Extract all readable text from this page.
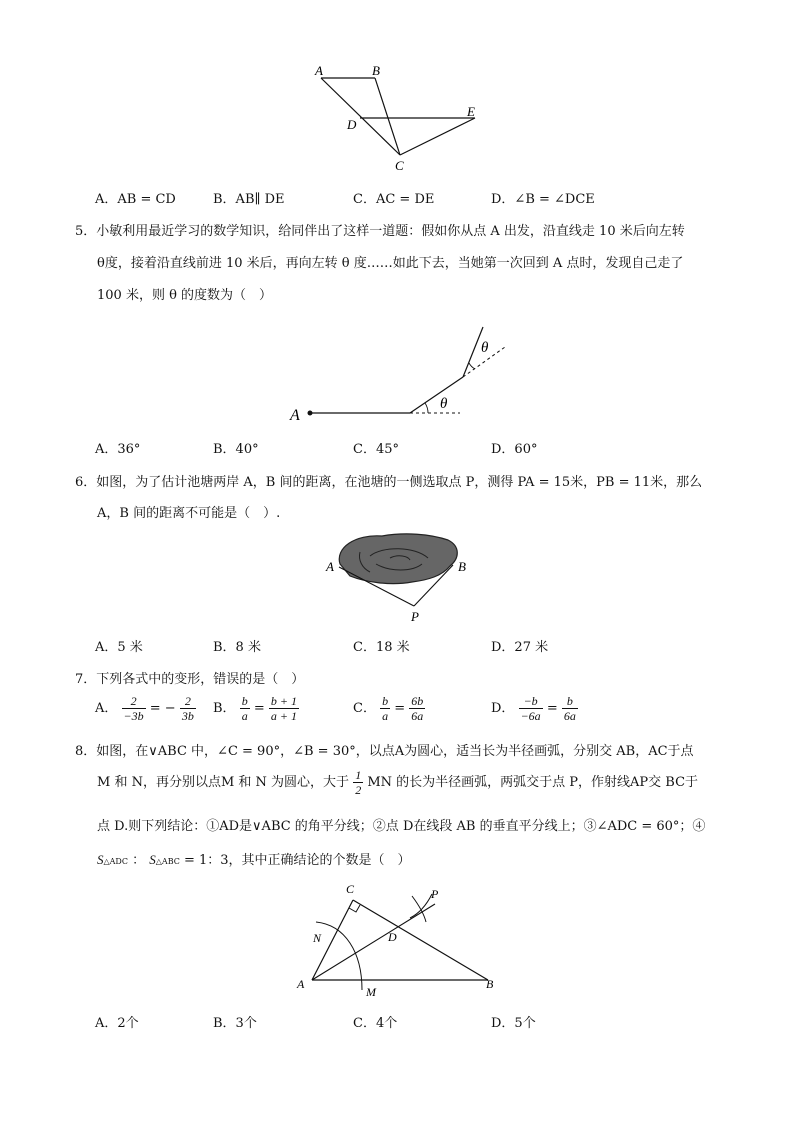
A	B
D
E
C
A．AB = CD	B．AB∥ DE	C．AC = DE	D．∠B = ∠DCE
5．小敏利用最近学习的数学知识，给同伴出了这样一道题：假如你从点 A 出发，沿直线走 10 米后向左转
θ度，接着沿直线前进 10 米后，再向左转 θ 度……如此下去，当她第一次回到 A 点时，发现自己走了
100 米，则 θ 的度数为（　）
A
θ
θ
A．36°	B．40°	C．45°	D．60°
6．如图，为了估计池塘两岸 A，B 间的距离，在池塘的一侧选取点 P，测得 PA = 15米，PB = 11米，那么
A，B 间的距离不可能是（　）.
A	B
P
A．5 米	B．8 米	C．18 米	D．27 米
7．下列各式中的变形，错误的是（　）
A． $\frac{2}{-3b}$ = − $\frac{2}{3b}$ B． $\frac{b}{a} = \frac{b + 1}{a + 1}$	C． $\frac{b}{a} = \frac{6b}{6a}$	D． $\frac{-b}{-6a} = \frac{b}{6a}$
8．如图，在∨ABC 中，∠C = 90°，∠B = 30°，以点A为圆心，适当长为半径画弧，分别交 AB，AC于点
M 和 N，再分别以点M 和 N 为圆心，大于 $\frac{1}{2}$ MN 的长为半径画弧，两弧交于点 P，作射线AP交 BC于
点 D.则下列结论：①AD是∨ABC 的角平分线；②点 D在线段 AB 的垂直平分线上；③∠ADC = 60°；④
S△ADC ： S△ABC = 1：3，其中正确结论的个数是（　）
C	P
N	D
A
M
B
A．2个	B．3个	C．4个	D．5个
